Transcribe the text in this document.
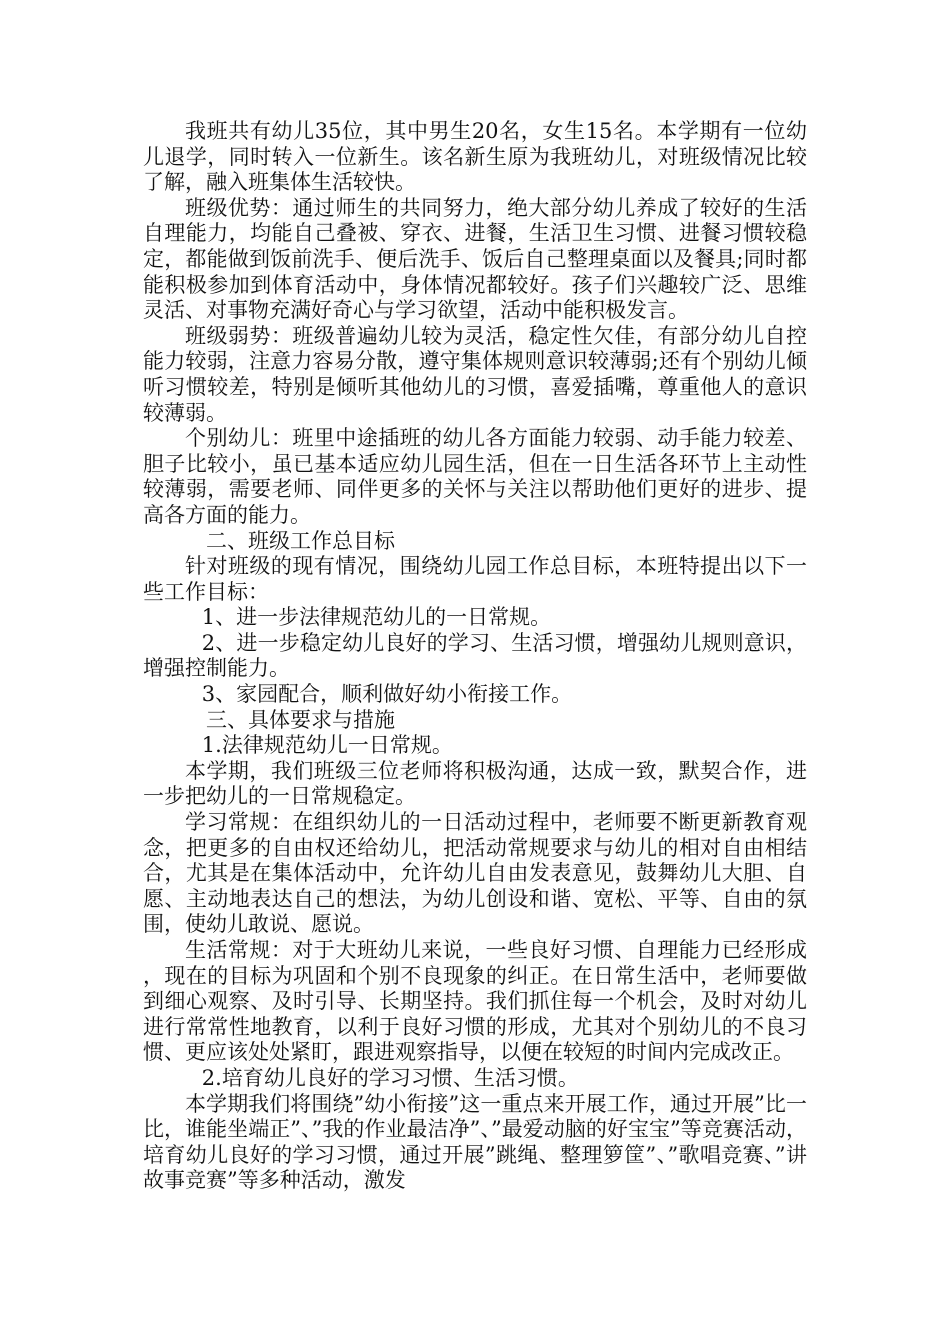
我班共有幼儿35位，其中男生20名，女生15名。本学期有一位幼儿退学，同时转入一位新生。该名新生原为我班幼儿，对班级情况比较了解，融入班集体生活较快。

班级优势：通过师生的共同努力，绝大部分幼儿养成了较好的生活自理能力，均能自己叠被、穿衣、进餐，生活卫生习惯、进餐习惯较稳定，都能做到饭前洗手、便后洗手、饭后自己整理桌面以及餐具;同时都能积极参加到体育活动中，身体情况都较好。孩子们兴趣较广泛、思维灵活、对事物充满好奇心与学习欲望，活动中能积极发言。

班级弱势：班级普遍幼儿较为灵活，稳定性欠佳，有部分幼儿自控能力较弱，注意力容易分散，遵守集体规则意识较薄弱;还有个别幼儿倾听习惯较差，特别是倾听其他幼儿的习惯，喜爱插嘴，尊重他人的意识较薄弱。

个别幼儿：班里中途插班的幼儿各方面能力较弱、动手能力较差、胆子比较小，虽已基本适应幼儿园生活，但在一日生活各环节上主动性较薄弱，需要老师、同伴更多的关怀与关注以帮助他们更好的进步、提高各方面的能力。

二、班级工作总目标

针对班级的现有情况，围绕幼儿园工作总目标，本班特提出以下一些工作目标：

1、进一步法律规范幼儿的一日常规。

2、进一步稳定幼儿良好的学习、生活习惯，增强幼儿规则意识，增强控制能力。

3、家园配合，顺利做好幼小衔接工作。

三、具体要求与措施

1.法律规范幼儿一日常规。

本学期，我们班级三位老师将积极沟通，达成一致，默契合作，进一步把幼儿的一日常规稳定。

学习常规：在组织幼儿的一日活动过程中，老师要不断更新教育观念，把更多的自由权还给幼儿，把活动常规要求与幼儿的相对自由相结合，尤其是在集体活动中，允许幼儿自由发表意见，鼓舞幼儿大胆、自愿、主动地表达自己的想法，为幼儿创设和谐、宽松、平等、自由的氛围，使幼儿敢说、愿说。

生活常规：对于大班幼儿来说，一些良好习惯、自理能力已经形成，现在的目标为巩固和个别不良现象的纠正。在日常生活中，老师要做到细心观察、及时引导、长期坚持。我们抓住每一个机会，及时对幼儿进行常常性地教育，以利于良好习惯的形成，尤其对个别幼儿的不良习惯、更应该处处紧盯，跟进观察指导，以便在较短的时间内完成改正。

2.培育幼儿良好的学习习惯、生活习惯。

本学期我们将围绕”幼小衔接”这一重点来开展工作，通过开展”比一比，谁能坐端正”、”我的作业最洁净”、”最爱动脑的好宝宝”等竞赛活动，培育幼儿良好的学习习惯，通过开展”跳绳、整理箩筐”、”歌唱竞赛、”讲故事竞赛”等多种活动，激发
